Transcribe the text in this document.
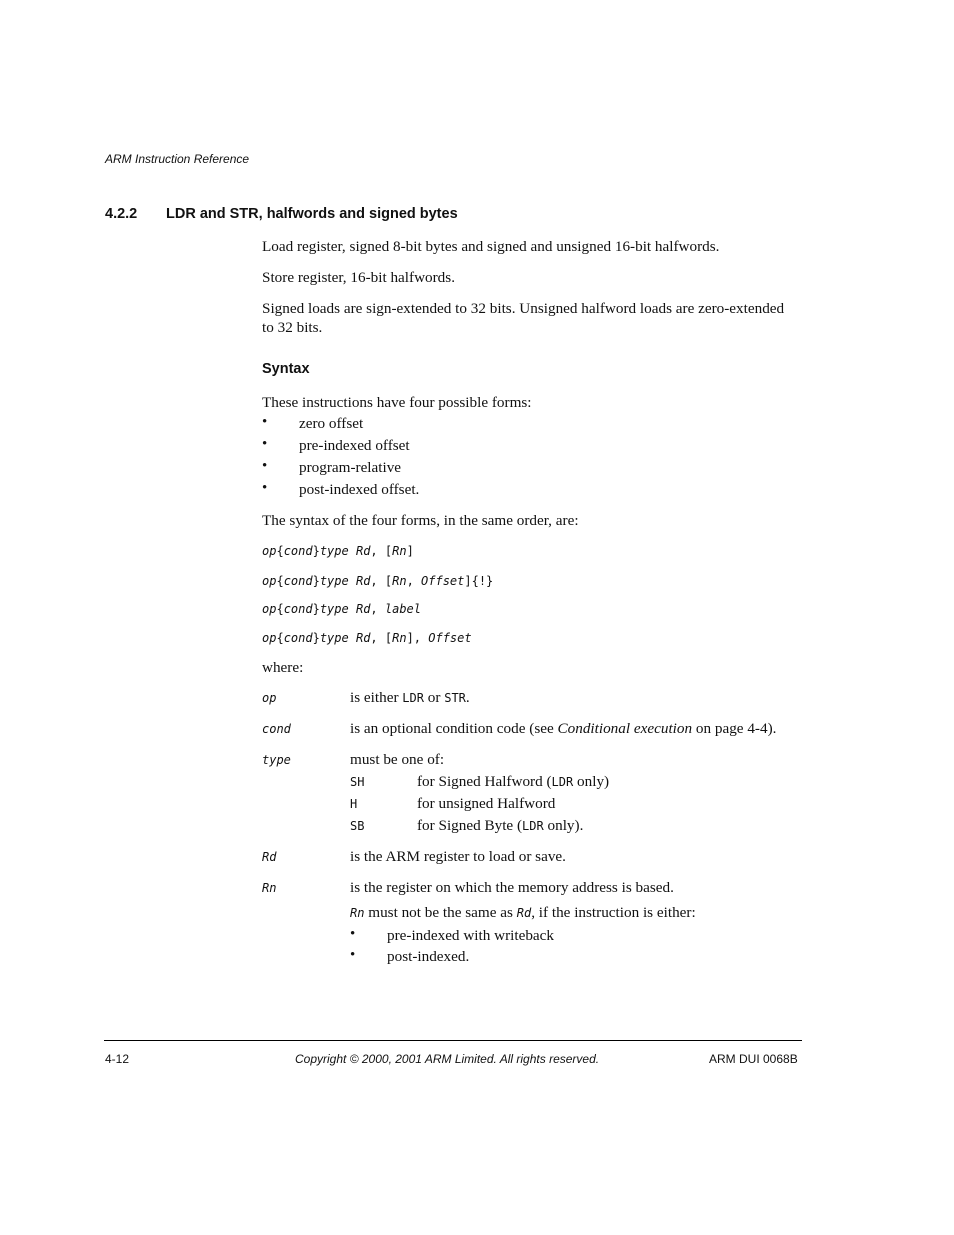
ARM Instruction Reference
4.2.2 LDR and STR, halfwords and signed bytes
Load register, signed 8-bit bytes and signed and unsigned 16-bit halfwords.
Store register, 16-bit halfwords.
Signed loads are sign-extended to 32 bits. Unsigned halfword loads are zero-extended
to 32 bits.
Syntax
These instructions have four possible forms:
• zero offset
• pre-indexed offset
• program-relative
• post-indexed offset.
The syntax of the four forms, in the same order, are:
op{cond}type Rd, [Rn]
op{cond}type Rd, [Rn, Offset]{!}
op{cond}type Rd, label
op{cond}type Rd, [Rn], Offset
where:
op	is either LDR or STR.
cond	is an optional condition code (see Conditional execution on page 4-4).
type	must be one of:
SH	for Signed Halfword (LDR only)
H	for unsigned Halfword
SB	for Signed Byte (LDR only).
Rd	is the ARM register to load or save.
Rn	is the register on which the memory address is based.
Rn must not be the same as Rd, if the instruction is either:
• pre-indexed with writeback
• post-indexed.
4-12	Copyright © 2000, 2001 ARM Limited. All rights reserved.	ARM DUI 0068B
